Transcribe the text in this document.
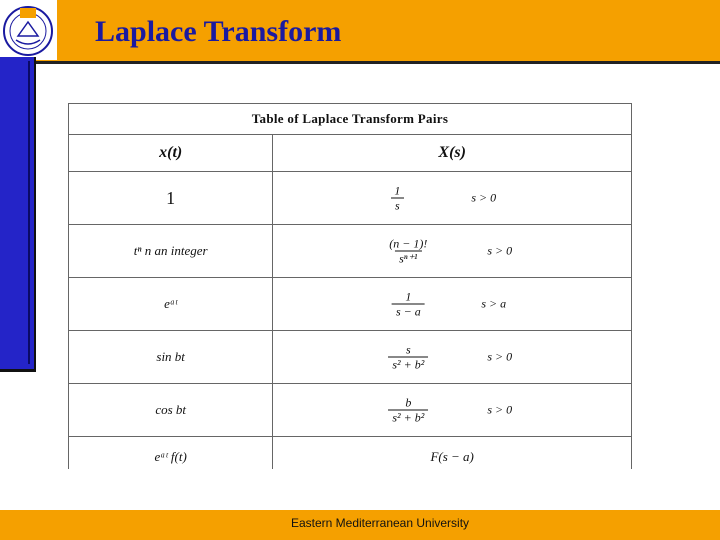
Laplace Transform
Table of Laplace Transform Pairs	
x(t)	X(s)
1	$\frac{1}{s}$ s > 0

tⁿ n an integer	$\frac{(n - 1)!}{\text{sⁿ⁺¹}}$ s > 0

eᵃᵗ	$\frac{1}{s - a}$ s > a

sin bt	$\frac{s}{\text{s² + b²}}$ s > 0

cos bt	$\frac{b}{\text{s² + b²}}$ s > 0

eᵃᵗ f(t)	F(s − a)
Eastern Mediterranean University
